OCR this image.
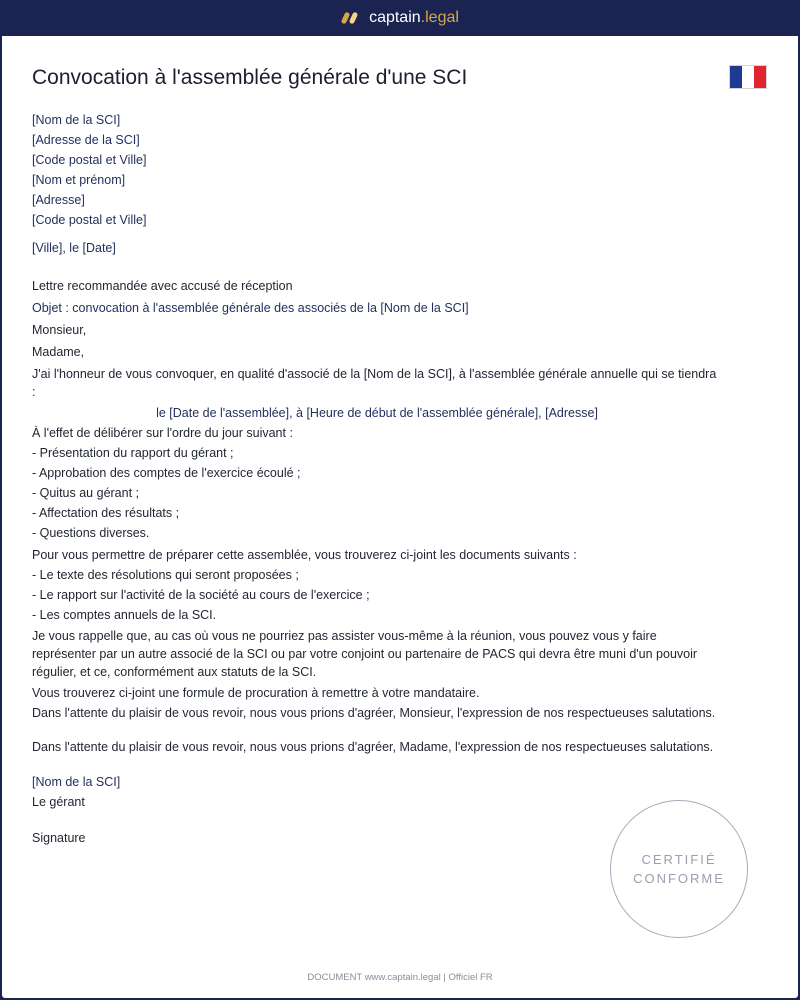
captain.legal
Convocation à l'assemblée générale d'une SCI

[Nom de la SCI]

[Adresse de la SCI]

[Code postal et Ville]

[Nom et prénom]

[Adresse]

[Code postal et Ville]

[Ville], le [Date]

Lettre recommandée avec accusé de réception

Objet : convocation à l'assemblée générale des associés de la [Nom de la SCI]

Monsieur,

Madame,

J'ai l'honneur de vous convoquer, en qualité d'associé de la [Nom de la SCI], à l'assemblée générale annuelle qui se tiendra :

le [Date de l'assemblée], à [Heure de début de l'assemblée générale], [Adresse]

À l'effet de délibérer sur l'ordre du jour suivant :

- Présentation du rapport du gérant ;

- Approbation des comptes de l'exercice écoulé ;

- Quitus au gérant ;

- Affectation des résultats ;

- Questions diverses.

Pour vous permettre de préparer cette assemblée, vous trouverez ci-joint les documents suivants :

- Le texte des résolutions qui seront proposées ;

- Le rapport sur l'activité de la société au cours de l'exercice ;

- Les comptes annuels de la SCI.

Je vous rappelle que, au cas où vous ne pourriez pas assister vous-même à la réunion, vous pouvez vous y faire représenter par un autre associé de la SCI ou par votre conjoint ou partenaire de PACS qui devra être muni d'un pouvoir régulier, et ce, conformément aux statuts de la SCI.

Vous trouverez ci-joint une formule de procuration à remettre à votre mandataire.

Dans l'attente du plaisir de vous revoir, nous vous prions d'agréer, Monsieur, l'expression de nos respectueuses salutations.

Dans l'attente du plaisir de vous revoir, nous vous prions d'agréer, Madame, l'expression de nos respectueuses salutations.

[Nom de la SCI]

Le gérant

Signature

CERTIFIÉ
CONFORME
DOCUMENT www.captain.legal | Officiel FR
